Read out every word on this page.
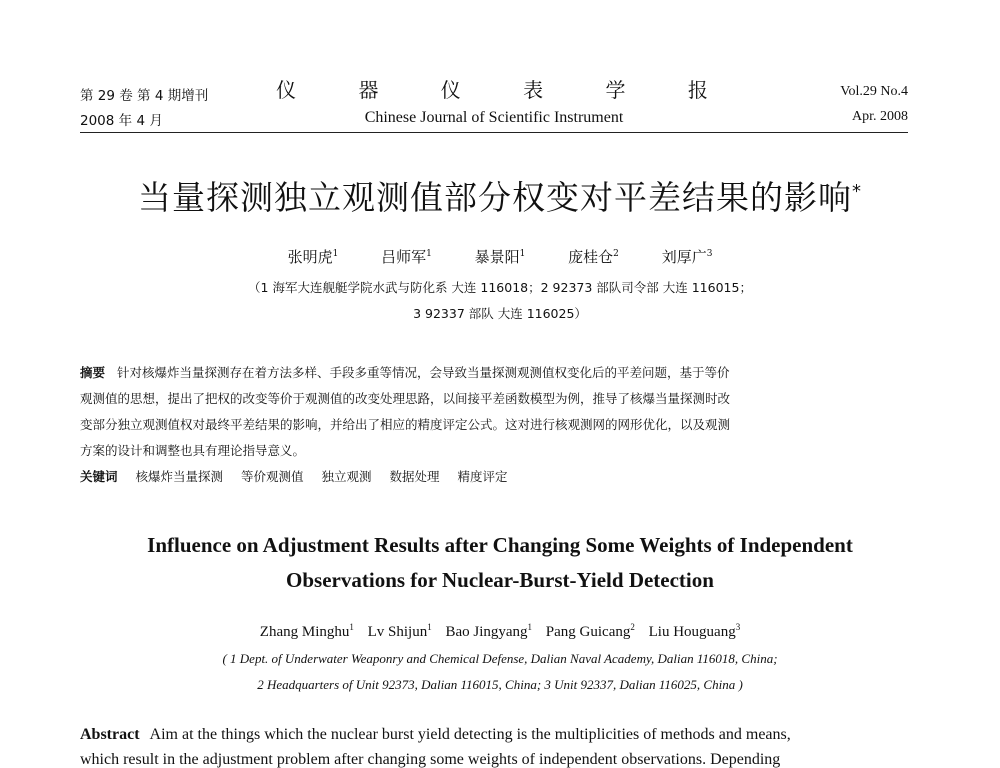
第 29 卷 第 4 期增刊	仪 器 仪 表 学 报	Vol.29 No.4
2008 年 4 月	Chinese Journal of Scientific Instrument	Apr. 2008
当量探测独立观测值部分权变对平差结果的影响*
张明虎$^1$	吕师军$^1$	暴景阳$^1$	庞桂仓$^2$	刘厚广$^3$
（1 海军大连舰艇学院水武与防化系 大连 116018；2 92373 部队司令部 大连 116015；
3 92337 部队 大连 116025）
摘要 针对核爆炸当量探测存在着方法多样、手段多重等情况，会导致当量探测观测值权变化后的平差问题，基于等价
观测值的思想，提出了把权的改变等价于观测值的改变处理思路，以间接平差函数模型为例，推导了核爆当量探测时改
变部分独立观测值权对最终平差结果的影响，并给出了相应的精度评定公式。这对进行核观测网的网形优化，以及观测
方案的设计和调整也具有理论指导意义。
关键词 核爆炸当量探测 等价观测值 独立观测 数据处理 精度评定
Influence on Adjustment Results after Changing Some Weights of Independent
Observations for Nuclear-Burst-Yield Detection
Zhang Minghu$^1$ Lv Shijun$^1$ Bao Jingyang$^1$ Pang Guicang$^2$ Liu Houguang$^3$
( 1 Dept. of Underwater Weaponry and Chemical Defense, Dalian Naval Academy, Dalian 116018, China;
2 Headquarters of Unit 92373, Dalian 116015, China; 3 Unit 92337, Dalian 116025, China )
Abstract Aim at the things which the nuclear burst yield detecting is the multiplicities of methods and means,
which result in the adjustment problem after changing some weights of independent observations. Depending
